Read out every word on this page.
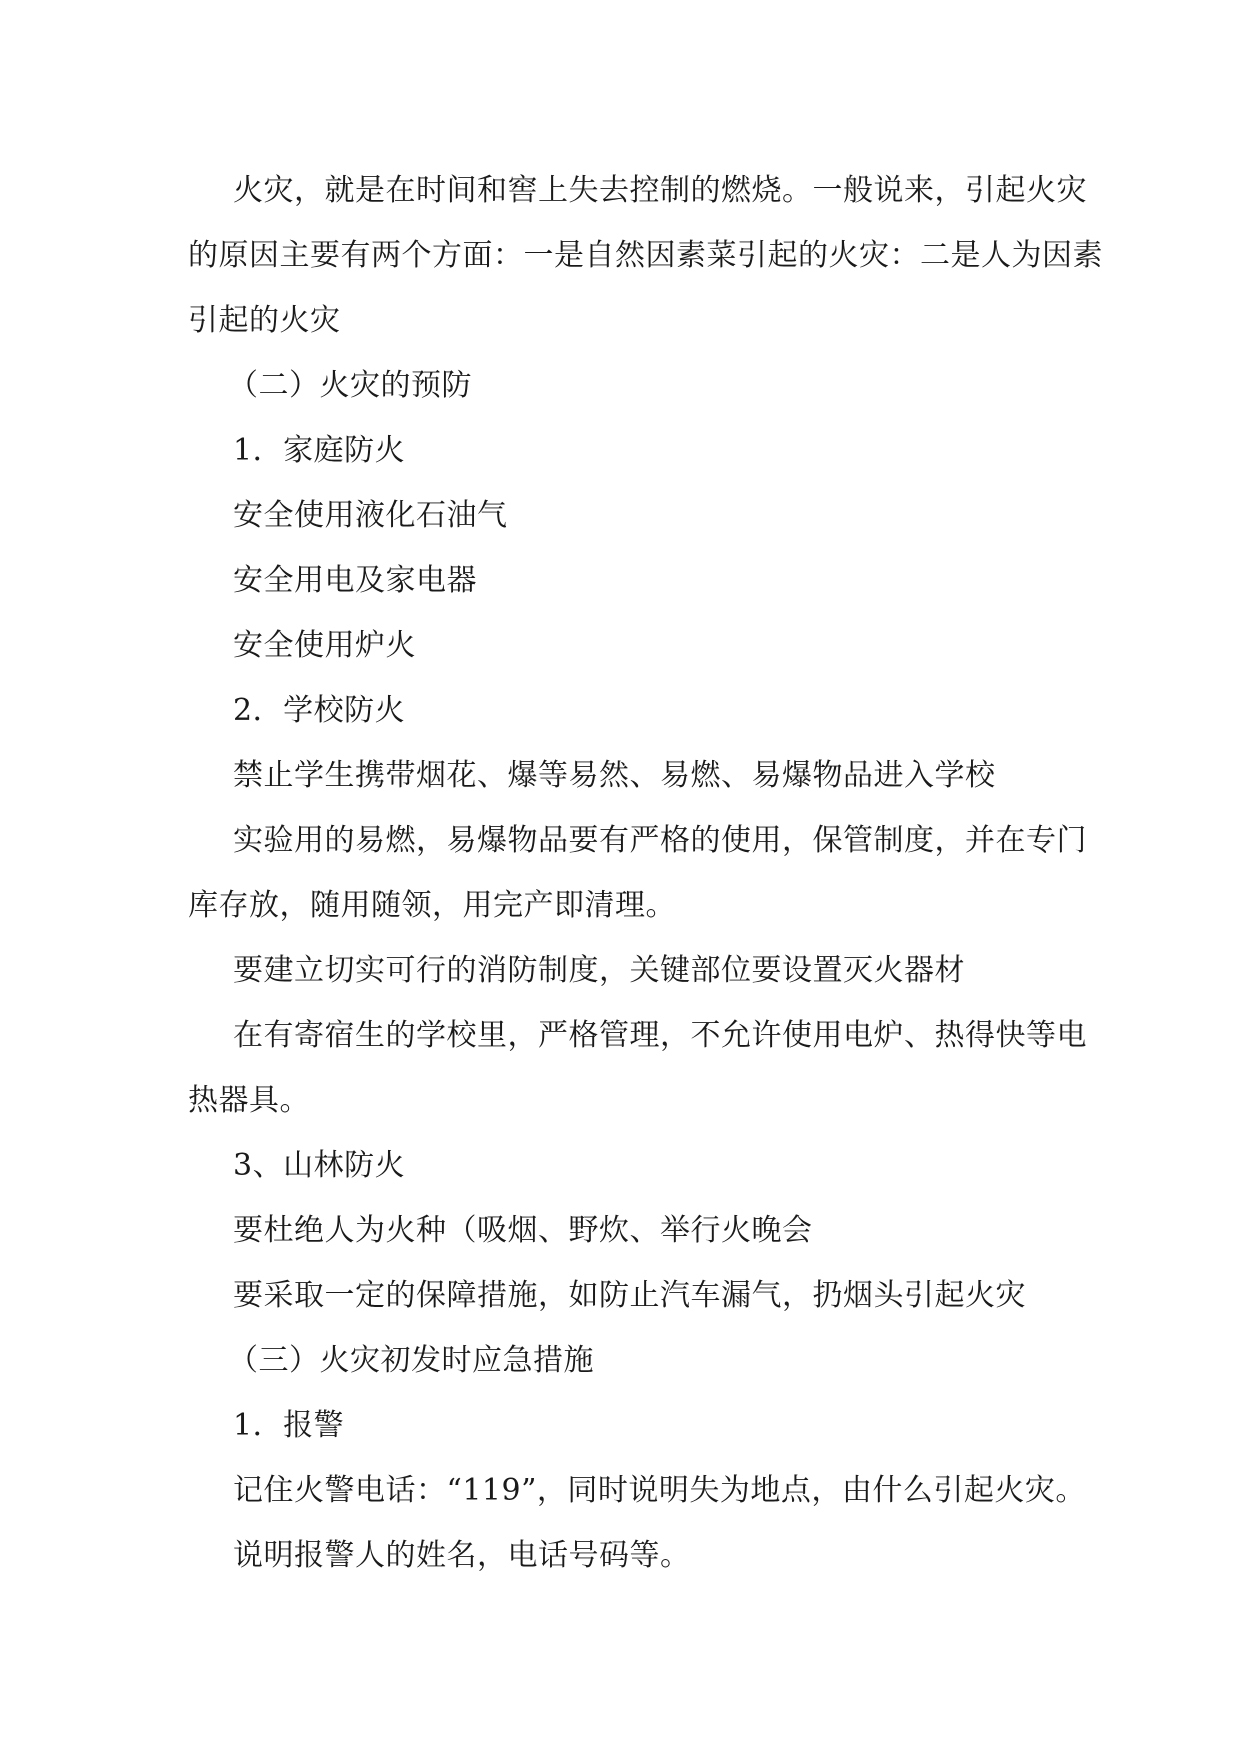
火灾，就是在时间和窖上失去控制的燃烧。一般说来，引起火灾
的原因主要有两个方面：一是自然因素菜引起的火灾：二是人为因素
引起的火灾
（二）火灾的预防
1．家庭防火
安全使用液化石油气
安全用电及家电器
安全使用炉火
2．学校防火
禁止学生携带烟花、爆等易然、易燃、易爆物品进入学校
实验用的易燃，易爆物品要有严格的使用，保管制度，并在专门
库存放，随用随领，用完产即清理。
要建立切实可行的消防制度，关键部位要设置灭火器材
在有寄宿生的学校里，严格管理，不允许使用电炉、热得快等电
热器具。
3、山林防火
要杜绝人为火种（吸烟、野炊、举行火晚会
要采取一定的保障措施，如防止汽车漏气，扔烟头引起火灾
（三）火灾初发时应急措施
1．报警
记住火警电话：“119”，同时说明失为地点，由什么引起火灾。
说明报警人的姓名，电话号码等。
